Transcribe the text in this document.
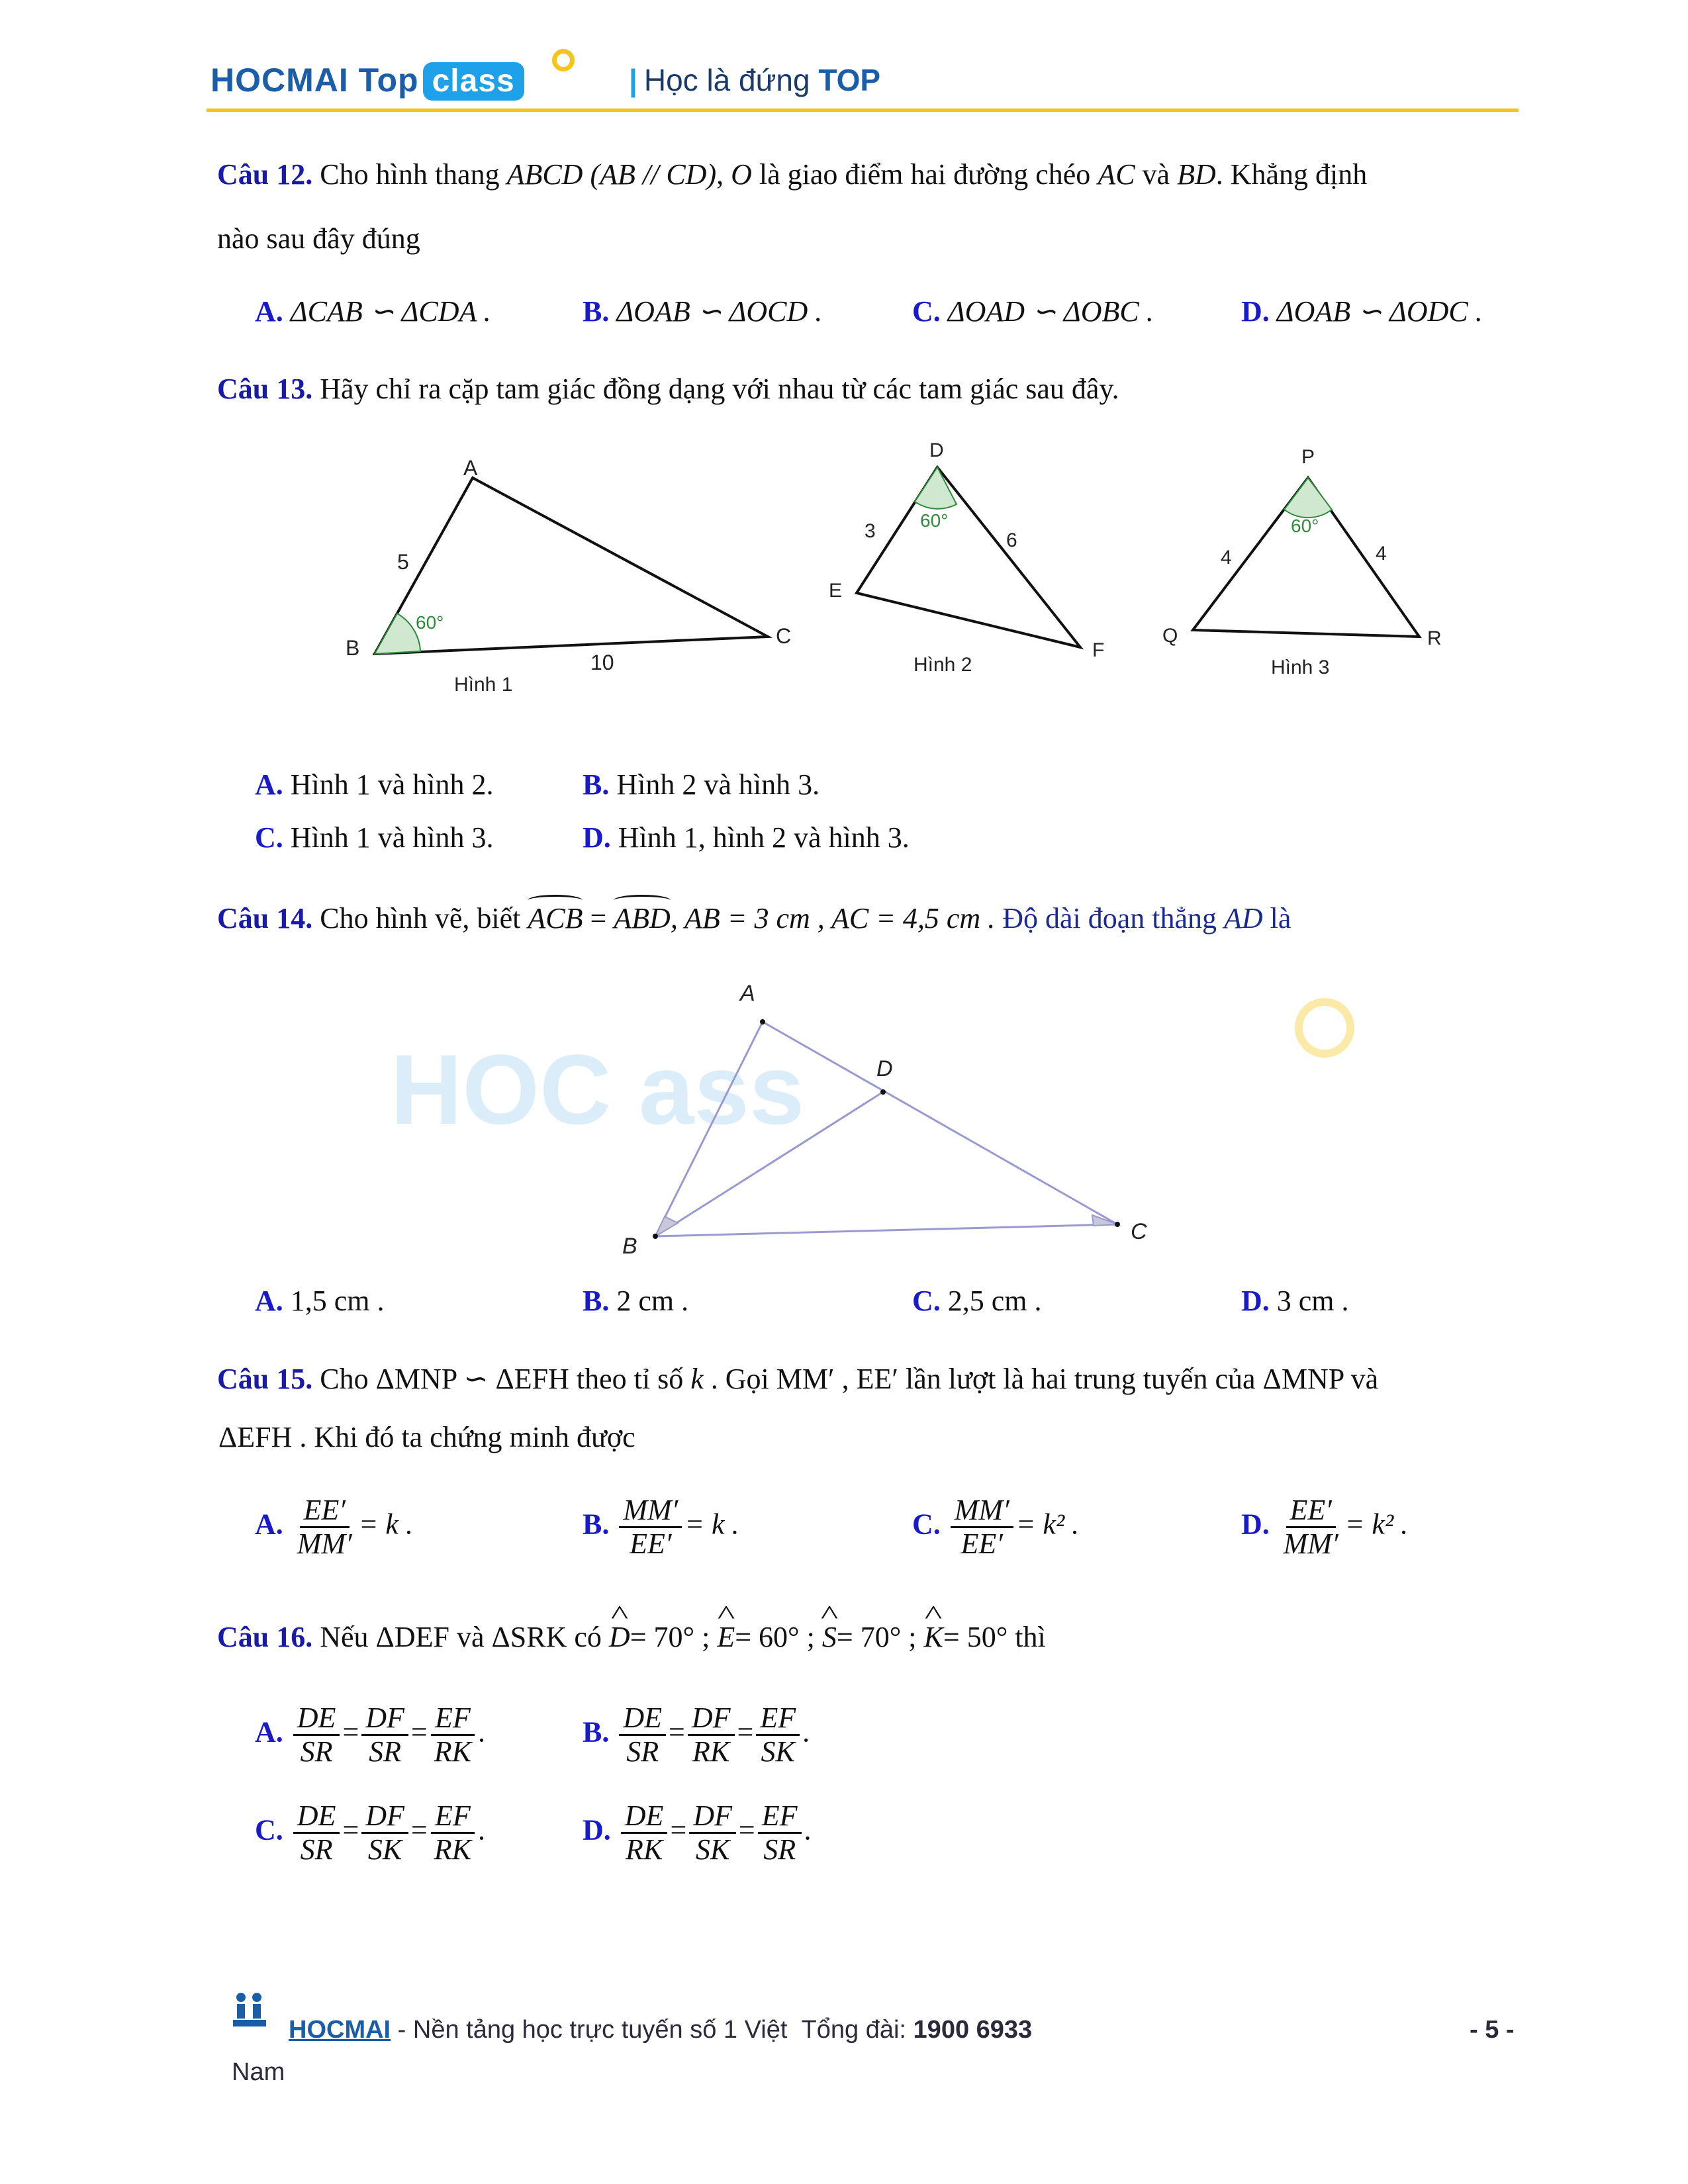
HOCMAI Top class	| Học là đứng TOP
Câu 12. Cho hình thang ABCD (AB // CD), O là giao điểm hai đường chéo AC và BD. Khẳng định
nào sau đây đúng
A. ΔCAB ∽ ΔCDA .	B. ΔOAB ∽ ΔOCD .	C. ΔOAD ∽ ΔOBC .	D. ΔOAB ∽ ΔODC .
Câu 13. Hãy chỉ ra cặp tam giác đồng dạng với nhau từ các tam giác sau đây.
A
B	C
5
10
60°
Hình 1
D
E
F
3	6
60°
Hình 2
P
Q	R
4	4
60°
Hình 3
A. Hình 1 và hình 2.	B. Hình 2 và hình 3.
C. Hình 1 và hình 3.	D. Hình 1, hình 2 và hình 3.
Câu 14. Cho hình vẽ, biết ACB = ABD, AB = 3 cm , AC = 4,5 cm . Độ dài đoạn thẳng AD là
HOC ass
A
B
C
D
A. 1,5 cm .	B. 2 cm .	C. 2,5 cm .	D. 3 cm .
Câu 15. Cho ΔMNP ∽ ΔEFH theo tỉ số k . Gọi MM′ , EE′ lần lượt là hai trung tuyến của ΔMNP và
ΔEFH . Khi đó ta chứng minh được
A. $\frac{EE'}{MM'} = k$ .	B. $\frac{MM'}{EE'} = k$ .	C. $\frac{MM'}{EE'} = k^2$ .	D. $\frac{EE'}{MM'} = k^2$ .
Câu 16. Nếu ΔDEF và ΔSRK có ^ D= 70° ; ^ E= 60° ; ^ S= 70° ; ^ K= 50° thì
A. $\frac{DE}{SR} = \frac{DF}{SR} = \frac{EF}{RK}$ .	B. $\frac{DE}{SR} = \frac{DF}{RK} = \frac{EF}{SK}$ .
C. $\frac{DE}{SR} = \frac{DF}{SK} = \frac{EF}{RK}$ .	D. $\frac{DE}{RK} = \frac{DF}{SK} = \frac{EF}{SR}$ .
HOCMAI - Nền tảng học trực tuyến số 1 Việt Tổng đài: 1900 6933
Nam
- 5 -
